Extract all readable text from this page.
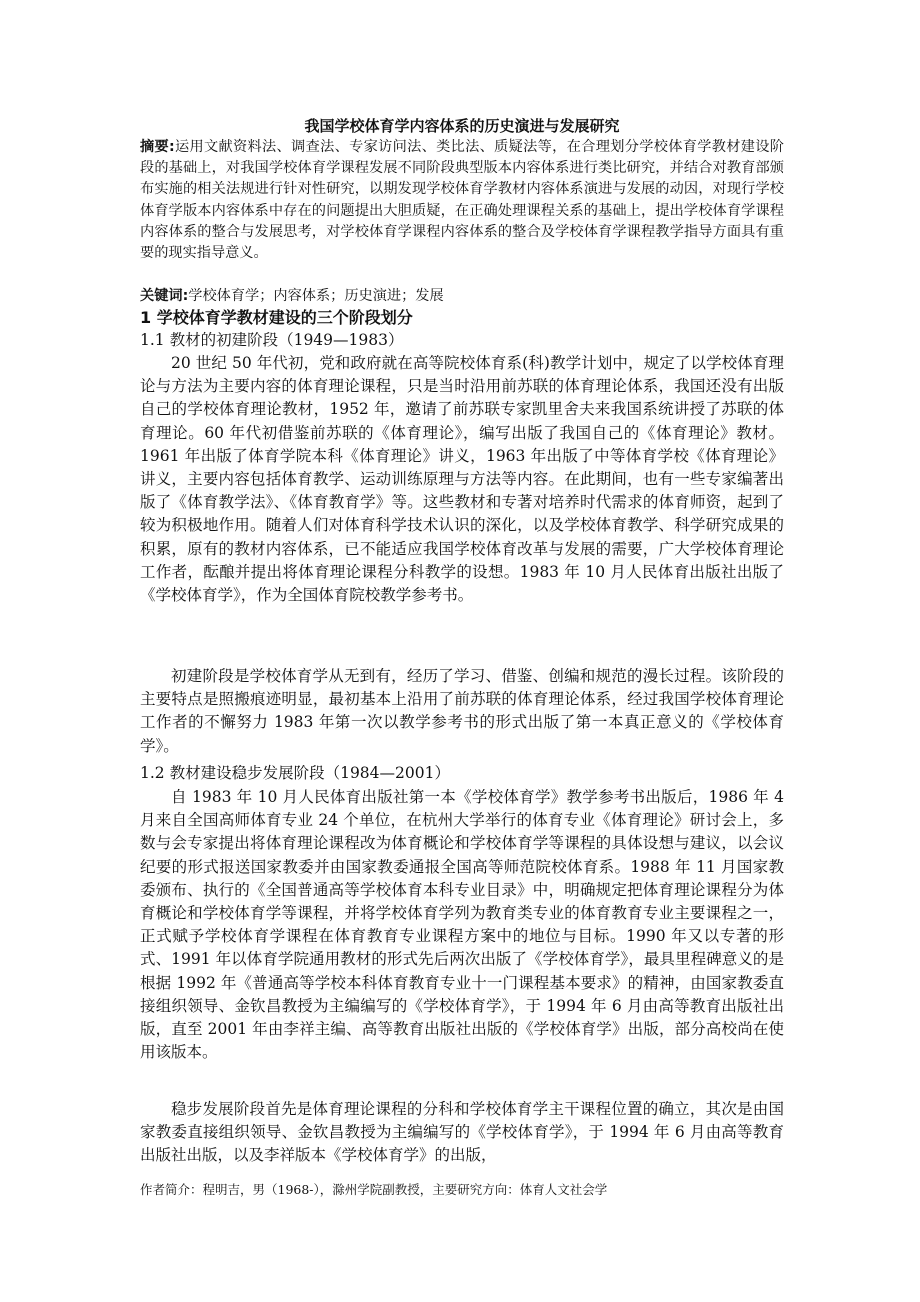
我国学校体育学内容体系的历史演进与发展研究
摘要:运用文献资料法、调查法、专家访问法、类比法、质疑法等，在合理划分学校体育学教材建设阶段的基础上，对我国学校体育学课程发展不同阶段典型版本内容体系进行类比研究，并结合对教育部颁布实施的相关法规进行针对性研究，以期发现学校体育学教材内容体系演进与发展的动因，对现行学校体育学版本内容体系中存在的问题提出大胆质疑，在正确处理课程关系的基础上，提出学校体育学课程内容体系的整合与发展思考，对学校体育学课程内容体系的整合及学校体育学课程教学指导方面具有重要的现实指导意义。
关键词:学校体育学；内容体系；历史演进；发展
1 学校体育学教材建设的三个阶段划分
1.1 教材的初建阶段（1949—1983）
20 世纪 50 年代初，党和政府就在高等院校体育系(科)教学计划中，规定了以学校体育理论与方法为主要内容的体育理论课程，只是当时沿用前苏联的体育理论体系，我国还没有出版自己的学校体育理论教材，1952 年，邀请了前苏联专家凯里舍夫来我国系统讲授了苏联的体育理论。60 年代初借鉴前苏联的《体育理论》，编写出版了我国自己的《体育理论》教材。1961 年出版了体育学院本科《体育理论》讲义，1963 年出版了中等体育学校《体育理论》讲义，主要内容包括体育教学、运动训练原理与方法等内容。在此期间，也有一些专家编著出版了《体育教学法》、《体育教育学》等。这些教材和专著对培养时代需求的体育师资，起到了较为积极地作用。随着人们对体育科学技术认识的深化，以及学校体育教学、科学研究成果的积累，原有的教材内容体系，已不能适应我国学校体育改革与发展的需要，广大学校体育理论工作者，酝酿并提出将体育理论课程分科教学的设想。1983 年 10 月人民体育出版社出版了《学校体育学》，作为全国体育院校教学参考书。
初建阶段是学校体育学从无到有，经历了学习、借鉴、创编和规范的漫长过程。该阶段的主要特点是照搬痕迹明显，最初基本上沿用了前苏联的体育理论体系，经过我国学校体育理论工作者的不懈努力 1983 年第一次以教学参考书的形式出版了第一本真正意义的《学校体育学》。
1.2 教材建设稳步发展阶段（1984—2001）
自 1983 年 10 月人民体育出版社第一本《学校体育学》教学参考书出版后，1986 年 4 月来自全国高师体育专业 24 个单位，在杭州大学举行的体育专业《体育理论》研讨会上，多数与会专家提出将体育理论课程改为体育概论和学校体育学等课程的具体设想与建议，以会议纪要的形式报送国家教委并由国家教委通报全国高等师范院校体育系。1988 年 11 月国家教委颁布、执行的《全国普通高等学校体育本科专业目录》中，明确规定把体育理论课程分为体育概论和学校体育学等课程，并将学校体育学列为教育类专业的体育教育专业主要课程之一，正式赋予学校体育学课程在体育教育专业课程方案中的地位与目标。1990 年又以专著的形式、1991 年以体育学院通用教材的形式先后两次出版了《学校体育学》，最具里程碑意义的是根据 1992 年《普通高等学校本科体育教育专业十一门课程基本要求》的精神，由国家教委直接组织领导、金钦昌教授为主编编写的《学校体育学》，于 1994 年 6 月由高等教育出版社出版，直至 2001 年由李祥主编、高等教育出版社出版的《学校体育学》出版，部分高校尚在使用该版本。
稳步发展阶段首先是体育理论课程的分科和学校体育学主干课程位置的确立，其次是由国家教委直接组织领导、金钦昌教授为主编编写的《学校体育学》，于 1994 年 6 月由高等教育出版社出版，以及李祥版本《学校体育学》的出版，
作者简介：程明吉，男（1968-），滁州学院副教授，主要研究方向：体育人文社会学
